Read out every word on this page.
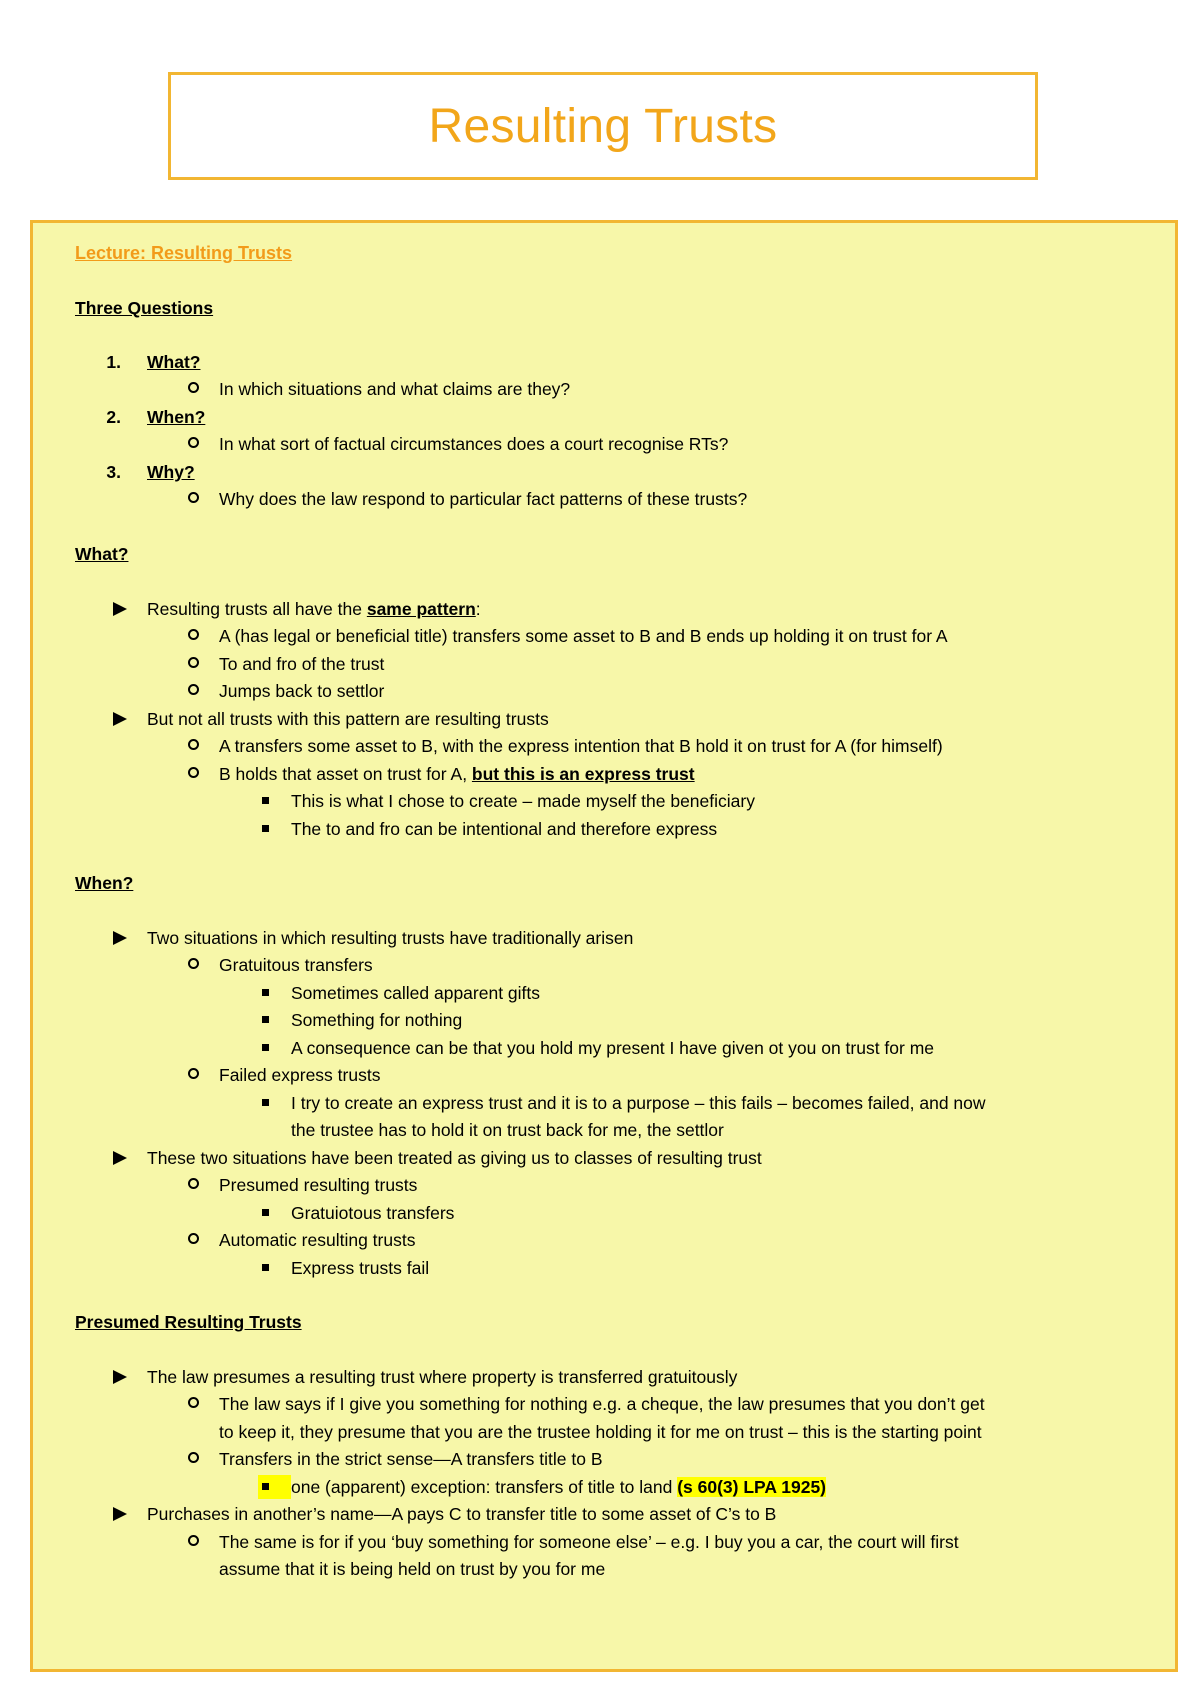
Resulting Trusts
Lecture: Resulting Trusts
Three Questions
1. What?
In which situations and what claims are they?
2. When?
In what sort of factual circumstances does a court recognise RTs?
3. Why?
Why does the law respond to particular fact patterns of these trusts?
What?
Resulting trusts all have the same pattern:
A (has legal or beneficial title) transfers some asset to B and B ends up holding it on trust for A
To and fro of the trust
Jumps back to settlor
But not all trusts with this pattern are resulting trusts
A transfers some asset to B, with the express intention that B hold it on trust for A (for himself)
B holds that asset on trust for A, but this is an express trust
This is what I chose to create – made myself the beneficiary
The to and fro can be intentional and therefore express
When?
Two situations in which resulting trusts have traditionally arisen
Gratuitous transfers
Sometimes called apparent gifts
Something for nothing
A consequence can be that you hold my present I have given ot you on trust for me
Failed express trusts
I try to create an express trust and it is to a purpose – this fails – becomes failed, and now
the trustee has to hold it on trust back for me, the settlor
These two situations have been treated as giving us to classes of resulting trust
Presumed resulting trusts
Gratuiotous transfers
Automatic resulting trusts
Express trusts fail
Presumed Resulting Trusts
The law presumes a resulting trust where property is transferred gratuitously
The law says if I give you something for nothing e.g. a cheque, the law presumes that you don’t get
to keep it, they presume that you are the trustee holding it for me on trust – this is the starting point
Transfers in the strict sense—A transfers title to B
one (apparent) exception: transfers of title to land (s 60(3) LPA 1925)
Purchases in another’s name—A pays C to transfer title to some asset of C’s to B
The same is for if you ‘buy something for someone else’ – e.g. I buy you a car, the court will first
assume that it is being held on trust by you for me
